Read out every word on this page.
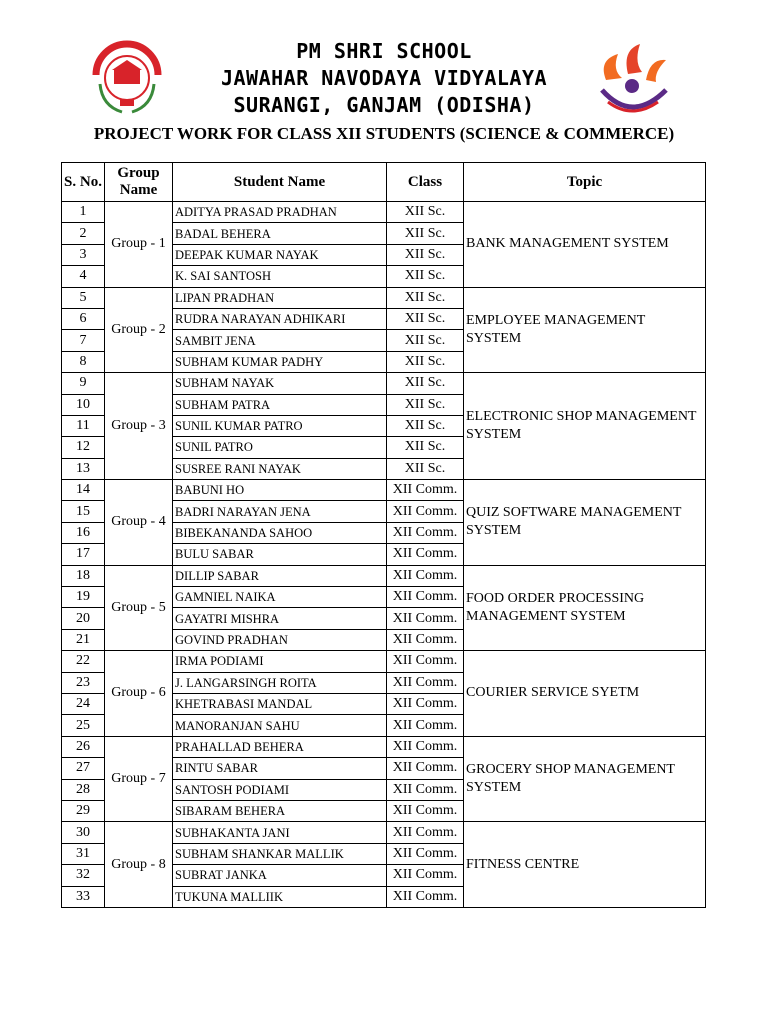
PM SHRI SCHOOL
JAWAHAR NAVODAYA VIDYALAYA
SURANGI, GANJAM (ODISHA)
PROJECT WORK FOR CLASS XII STUDENTS (SCIENCE & COMMERCE)
S. No.	Group Name	Student Name	Class	Topic
1	Group - 1	ADITYA PRASAD PRADHAN	XII Sc.	BANK MANAGEMENT SYSTEM
2		BADAL BEHERA	XII Sc.	
3		DEEPAK KUMAR NAYAK	XII Sc.	
4		K. SAI SANTOSH	XII Sc.	
5	Group - 2	LIPAN PRADHAN	XII Sc.	EMPLOYEE MANAGEMENT SYSTEM
6		RUDRA NARAYAN ADHIKARI	XII Sc.	
7		SAMBIT JENA	XII Sc.	
8		SUBHAM KUMAR PADHY	XII Sc.	
9	Group - 3	SUBHAM NAYAK	XII Sc.	ELECTRONIC SHOP MANAGEMENT SYSTEM
10		SUBHAM PATRA	XII Sc.	
11		SUNIL KUMAR PATRO	XII Sc.	
12		SUNIL PATRO	XII Sc.	
13		SUSREE RANI NAYAK	XII Sc.	
14	Group - 4	BABUNI HO	XII Comm.	QUIZ SOFTWARE MANAGEMENT SYSTEM
15		BADRI NARAYAN JENA	XII Comm.	
16		BIBEKANANDA SAHOO	XII Comm.	
17		BULU SABAR	XII Comm.	
18	Group - 5	DILLIP SABAR	XII Comm.	FOOD ORDER PROCESSING MANAGEMENT SYSTEM
19		GAMNIEL NAIKA	XII Comm.	
20		GAYATRI MISHRA	XII Comm.	
21		GOVIND PRADHAN	XII Comm.	
22	Group - 6	IRMA PODIAMI	XII Comm.	COURIER SERVICE SYETM
23		J. LANGARSINGH ROITA	XII Comm.	
24		KHETRABASI MANDAL	XII Comm.	
25		MANORANJAN SAHU	XII Comm.	
26	Group - 7	PRAHALLAD BEHERA	XII Comm.	GROCERY SHOP MANAGEMENT SYSTEM
27		RINTU SABAR	XII Comm.	
28		SANTOSH PODIAMI	XII Comm.	
29		SIBARAM BEHERA	XII Comm.	
30	Group - 8	SUBHAKANTA JANI	XII Comm.	FITNESS CENTRE
31		SUBHAM SHANKAR MALLIK	XII Comm.	
32		SUBRAT JANKA	XII Comm.	
33		TUKUNA MALLIIK	XII Comm.	
